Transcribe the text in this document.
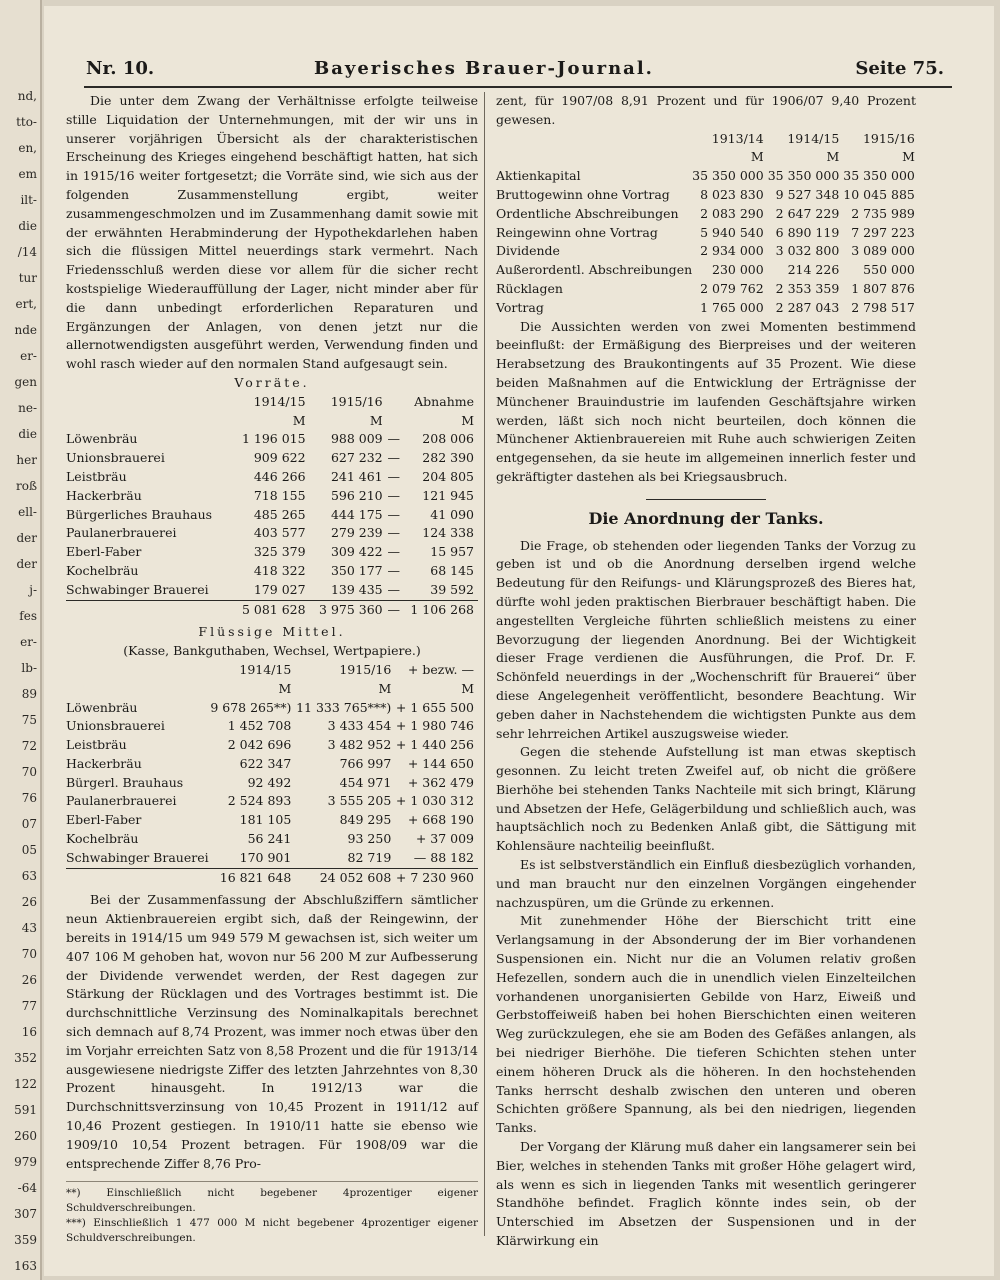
nd,
tto-
en,
em
ilt-
die
/14
tur
ert,
nde
er-
gen
ne-
die
her
roß
ell-
der
der
j-
fes
er-
lb-
89
75
72
70
76
07
05
63
26
43
70
26
77
16
352
122
591
260
979
-64
307
359
163
Nr. 10.	Bayerisches Brauer-Journal.	Seite 75.

Die unter dem Zwang der Verhältnisse erfolgte teilweise stille Liquidation der Unternehmungen, mit der wir uns in unserer vorjährigen Übersicht als der charakteristischen Erscheinung des Krieges eingehend beschäftigt hatten, hat sich in 1915/16 weiter fortgesetzt; die Vorräte sind, wie sich aus der folgenden Zusammenstellung ergibt, weiter zusammengeschmolzen und im Zusammenhang damit sowie mit der erwähnten Herabminderung der Hypothekdarlehen haben sich die flüssigen Mittel neuerdings stark vermehrt. Nach Friedensschluß werden diese vor allem für die sicher recht kostspielige Wiederauffüllung der Lager, nicht minder aber für die dann unbedingt erforderlichen Reparaturen und Ergänzungen der Anlagen, von denen jetzt nur die allernotwendigsten ausgeführt werden, Verwendung finden und wohl rasch wieder auf den normalen Stand aufgesaugt sein.

Vorräte.
	1914/15	1915/16		Abnahme
	M	M		M
Löwenbräu	1 196 015	988 009	—	208 006
Unionsbrauerei	909 622	627 232	—	282 390
Leistbräu	446 266	241 461	—	204 805
Hackerbräu	718 155	596 210	—	121 945
Bürgerliches Brauhaus	485 265	444 175	—	41 090
Paulanerbrauerei	403 577	279 239	—	124 338
Eberl-Faber	325 379	309 422	—	15 957
Kochelbräu	418 322	350 177	—	68 145
Schwabinger Brauerei	179 027	139 435	—	39 592
	5 081 628	3 975 360	—	1 106 268
Flüssige Mittel.
(Kasse, Bankguthaben, Wechsel, Wertpapiere.)
	1914/15	1915/16	+ bezw. —
	M	M	M
Löwenbräu	9 678 265**)	11 333 765***)	+ 1 655 500
Unionsbrauerei	1 452 708	3 433 454	+ 1 980 746
Leistbräu	2 042 696	3 482 952	+ 1 440 256
Hackerbräu	622 347	766 997	+ 144 650
Bürgerl. Brauhaus	92 492	454 971	+ 362 479
Paulanerbrauerei	2 524 893	3 555 205	+ 1 030 312
Eberl-Faber	181 105	849 295	+ 668 190
Kochelbräu	56 241	93 250	+ 37 009
Schwabinger Brauerei	170 901	82 719	— 88 182
	16 821 648	24 052 608	+ 7 230 960

Bei der Zusammenfassung der Abschlußziffern sämtlicher neun Aktienbrauereien ergibt sich, daß der Reingewinn, der bereits in 1914/15 um 949 579 M gewachsen ist, sich weiter um 407 106 M gehoben hat, wovon nur 56 200 M zur Aufbesserung der Dividende verwendet werden, der Rest dagegen zur Stärkung der Rücklagen und des Vortrages bestimmt ist. Die durchschnittliche Verzinsung des Nominalkapitals berechnet sich demnach auf 8,74 Prozent, was immer noch etwas über den im Vorjahr erreichten Satz von 8,58 Prozent und die für 1913/14 ausgewiesene niedrigste Ziffer des letzten Jahrzehntes von 8,30 Prozent hinausgeht. In 1912/13 war die Durchschnittsverzinsung von 10,45 Prozent in 1911/12 auf 10,46 Prozent gestiegen. In 1910/11 hatte sie ebenso wie 1909/10 10,54 Prozent betragen. Für 1908/09 war die entsprechende Ziffer 8,76 Pro-

**) Einschließlich nicht begebener 4prozentiger eigener Schuldverschreibungen.
***) Einschließlich 1 477 000 M nicht begebener 4prozentiger eigener Schuldverschreibungen.

zent, für 1907/08 8,91 Prozent und für 1906/07 9,40 Prozent gewesen.

	1913/14	1914/15	1915/16
	M	M	M
Aktienkapital	35 350 000	35 350 000	35 350 000
Bruttogewinn ohne Vortrag	8 023 830	9 527 348	10 045 885
Ordentliche Abschreibungen	2 083 290	2 647 229	2 735 989
Reingewinn ohne Vortrag	5 940 540	6 890 119	7 297 223
Dividende	2 934 000	3 032 800	3 089 000
Außerordentl. Abschreibungen	230 000	214 226	550 000
Rücklagen	2 079 762	2 353 359	1 807 876
Vortrag	1 765 000	2 287 043	2 798 517

Die Aussichten werden von zwei Momenten bestimmend beeinflußt: der Ermäßigung des Bierpreises und der weiteren Herabsetzung des Braukontingents auf 35 Prozent. Wie diese beiden Maßnahmen auf die Entwicklung der Erträgnisse der Münchener Brauindustrie im laufenden Geschäftsjahre wirken werden, läßt sich noch nicht beurteilen, doch können die Münchener Aktienbrauereien mit Ruhe auch schwierigen Zeiten entgegensehen, da sie heute im allgemeinen innerlich fester und gekräftigter dastehen als bei Kriegsausbruch.

Die Anordnung der Tanks.

Die Frage, ob stehenden oder liegenden Tanks der Vorzug zu geben ist und ob die Anordnung derselben irgend welche Bedeutung für den Reifungs- und Klärungsprozeß des Bieres hat, dürfte wohl jeden praktischen Bierbrauer beschäftigt haben. Die angestellten Vergleiche führten schließlich meistens zu einer Bevorzugung der liegenden Anordnung. Bei der Wichtigkeit dieser Frage verdienen die Ausführungen, die Prof. Dr. F. Schönfeld neuerdings in der „Wochenschrift für Brauerei“ über diese Angelegenheit veröffentlicht, besondere Beachtung. Wir geben daher in Nachstehendem die wichtigsten Punkte aus dem sehr lehrreichen Artikel auszugsweise wieder.

Gegen die stehende Aufstellung ist man etwas skeptisch gesonnen. Zu leicht treten Zweifel auf, ob nicht die größere Bierhöhe bei stehenden Tanks Nachteile mit sich bringt, Klärung und Absetzen der Hefe, Gelägerbildung und schließlich auch, was hauptsächlich noch zu Bedenken Anlaß gibt, die Sättigung mit Kohlensäure nachteilig beeinflußt.

Es ist selbstverständlich ein Einfluß diesbezüglich vorhanden, und man braucht nur den einzelnen Vorgängen eingehender nachzuspüren, um die Gründe zu erkennen.

Mit zunehmender Höhe der Bierschicht tritt eine Verlangsamung in der Absonderung der im Bier vorhandenen Suspensionen ein. Nicht nur die an Volumen relativ großen Hefezellen, sondern auch die in unendlich vielen Einzelteilchen vorhandenen unorganisierten Gebilde von Harz, Eiweiß und Gerbstoffeiweiß haben bei hohen Bierschichten einen weiteren Weg zurückzulegen, ehe sie am Boden des Gefäßes anlangen, als bei niedriger Bierhöhe. Die tieferen Schichten stehen unter einem höheren Druck als die höheren. In den hochstehenden Tanks herrscht deshalb zwischen den unteren und oberen Schichten größere Spannung, als bei den niedrigen, liegenden Tanks.

Der Vorgang der Klärung muß daher ein langsamerer sein bei Bier, welches in stehenden Tanks mit großer Höhe gelagert wird, als wenn es sich in liegenden Tanks mit wesentlich geringerer Standhöhe befindet. Fraglich könnte indes sein, ob der Unterschied im Absetzen der Suspensionen und in der Klärwirkung ein
